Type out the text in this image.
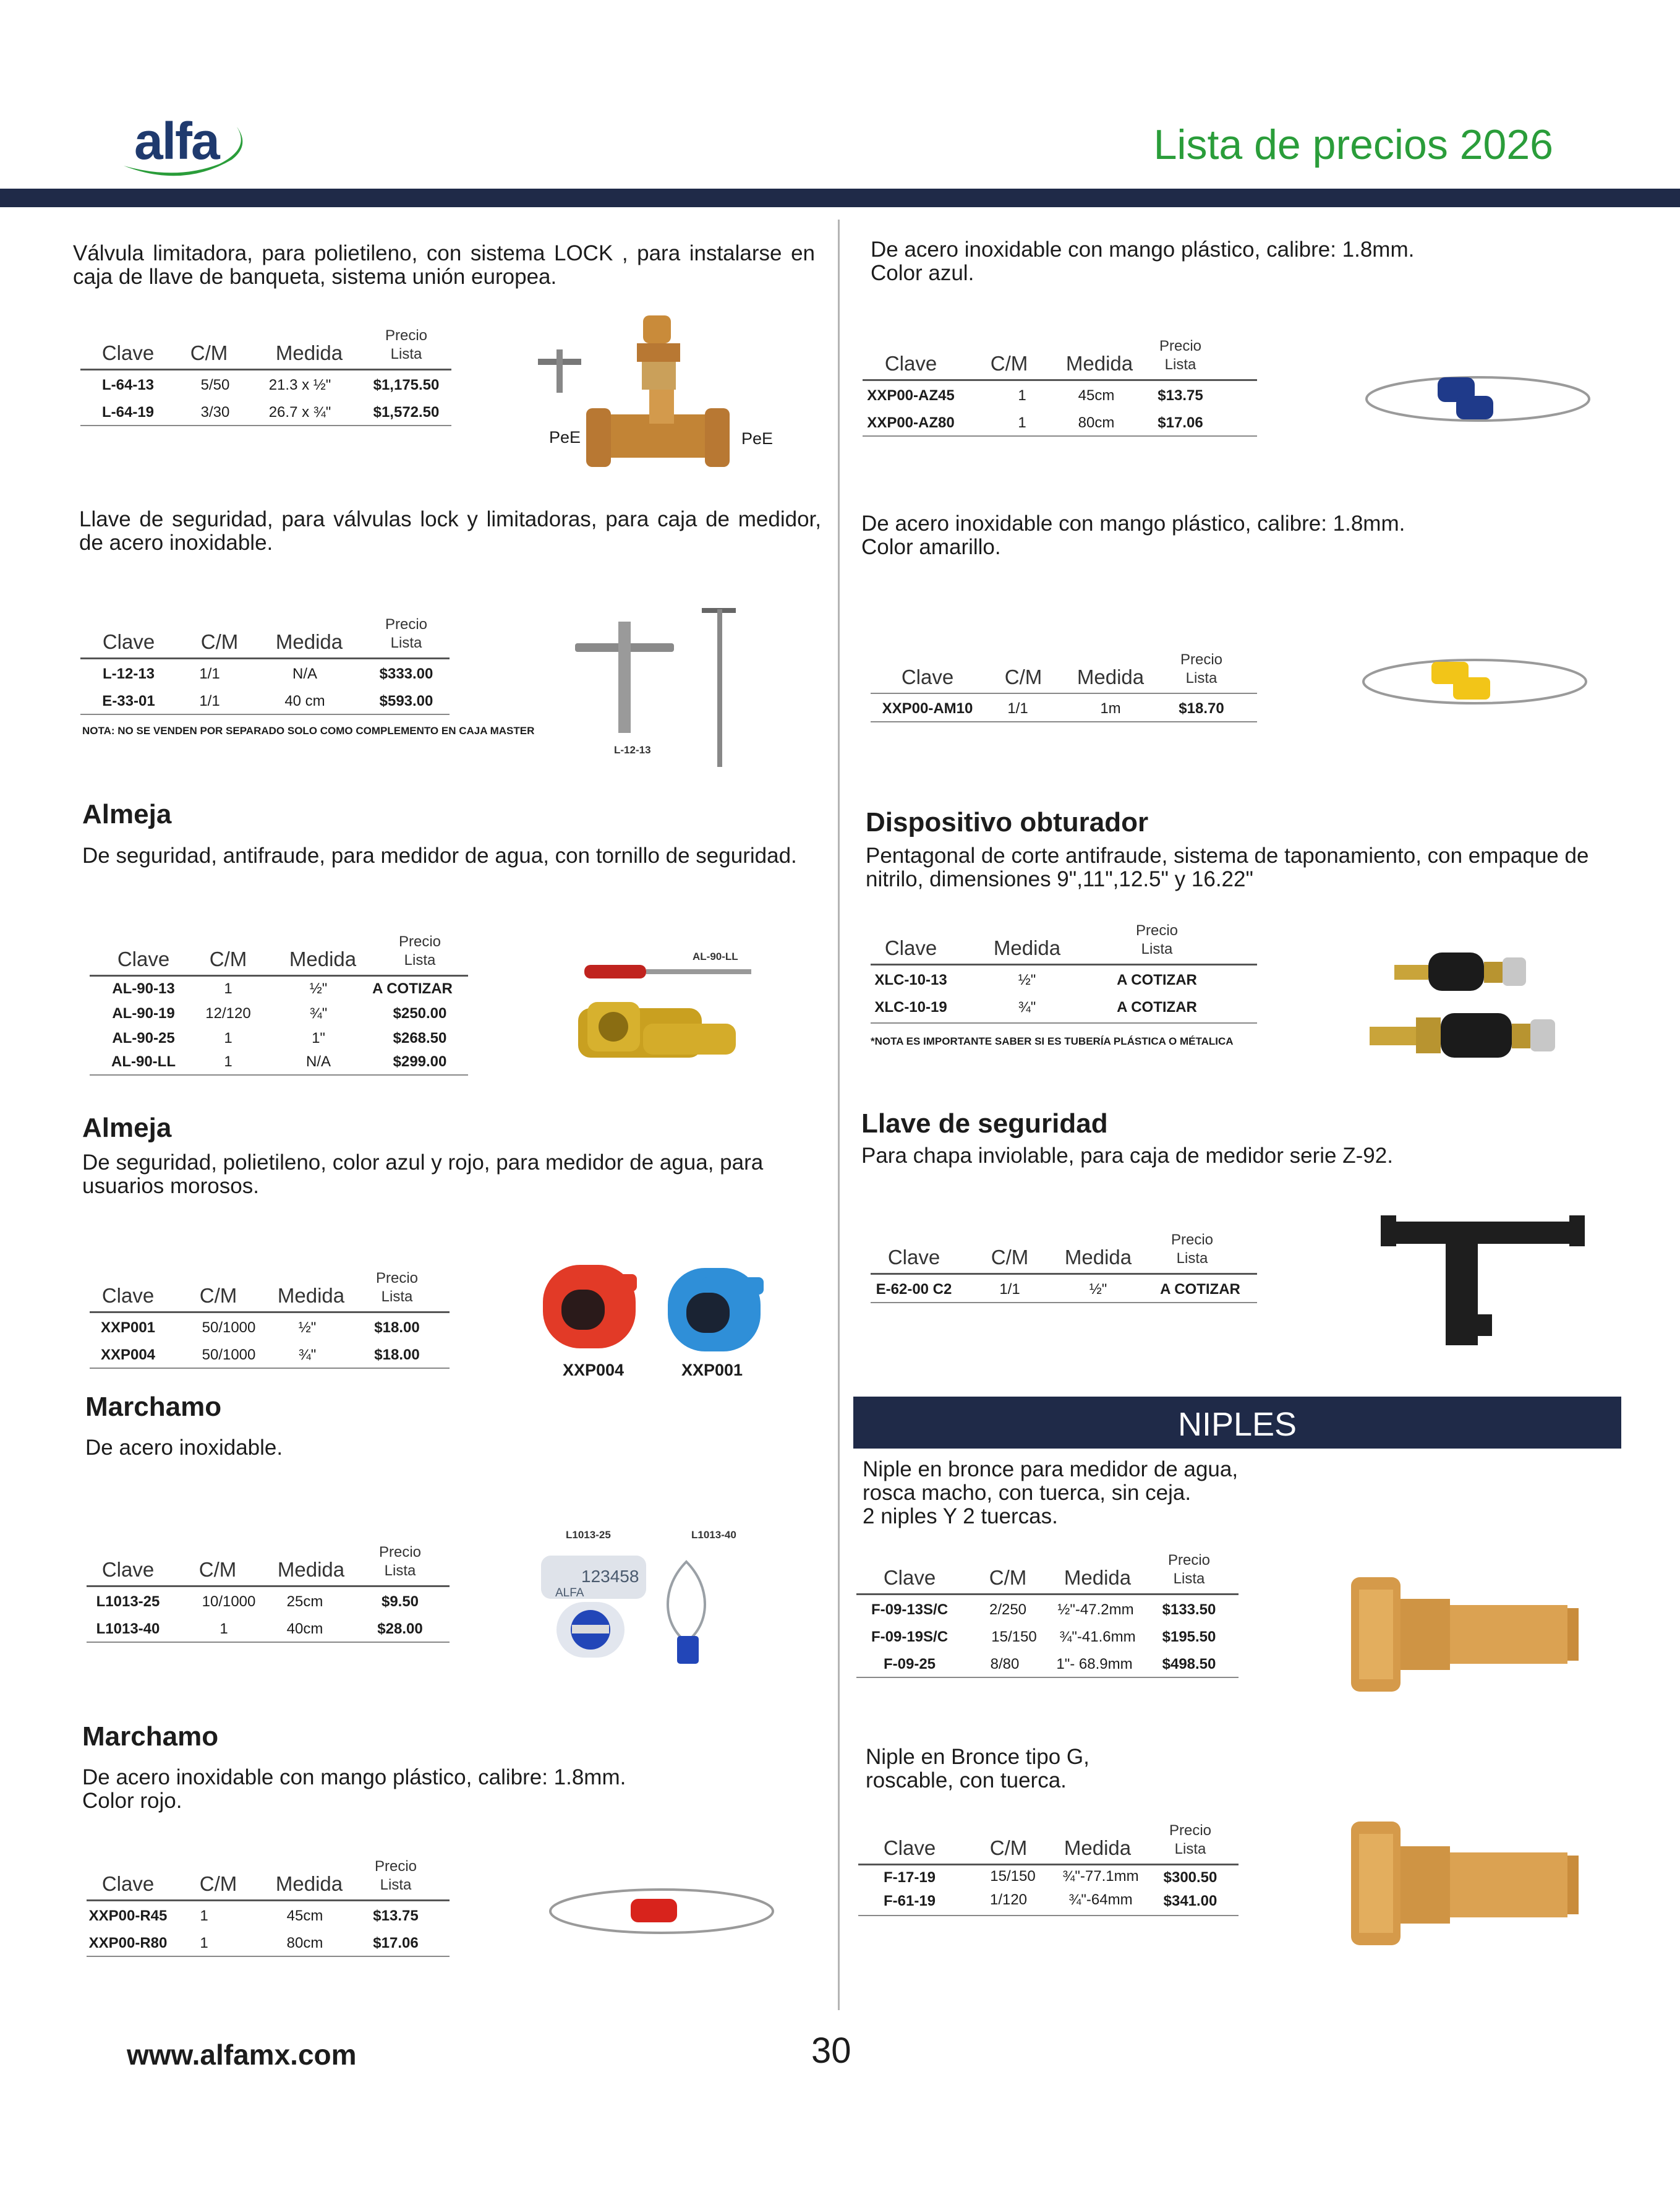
alfa	Lista de precios 2026
Válvula limitadora, para polietileno, con sistema LOCK , para instalarse en caja de llave de banqueta, sistema unión europea.
Clave C/M Medida
Precio
Lista
L-64-13	5/50	21.3 x ½"	$1,175.50
L-64-19	3/30	26.7 x ¾"	$1,572.50
PeE	PeE
Llave de seguridad, para válvulas lock y limitadoras, para caja de medidor, de acero inoxidable.
Clave C/M Medida
Precio
Lista
L-12-13	1/1	N/A	$333.00
E-33-01	1/1	40 cm	$593.00
NOTA: NO SE VENDEN POR SEPARADO SOLO COMO COMPLEMENTO EN CAJA MASTER
L-12-13
Almeja
De seguridad, antifraude, para medidor de agua, con tornillo de seguridad.
Clave C/M Medida
Precio
Lista
AL-90-13	1	½"	A COTIZAR
AL-90-19 12/120	¾"	$250.00
AL-90-25	1	1"	$268.50
AL-90-LL	1	N/A	$299.00
AL-90-LL
Almeja
De seguridad, polietileno, color azul y rojo, para medidor de agua, para usuarios morosos.
Clave C/M Medida
Precio
Lista
XXP001	50/1000	½"	$18.00
XXP004	50/1000	¾"	$18.00
XXP004	XXP001
Marchamo
De acero inoxidable.
Clave C/M Medida
Precio
Lista
L1013-25	10/1000 25cm	$9.50
L1013-40	1	40cm	$28.00
L1013-25	L1013-40
123458
ALFA
Marchamo
De acero inoxidable con mango plástico, calibre: 1.8mm.
Color rojo.
Clave C/M Medida
Precio
Lista
XXP00-R45 1	45cm	$13.75
XXP00-R80 1	80cm	$17.06
De acero inoxidable con mango plástico, calibre: 1.8mm.
Color azul.
Clave	C/M Medida
Precio
Lista
XXP00-AZ45	1	45cm	$13.75
XXP00-AZ80	1	80cm	$17.06
De acero inoxidable con mango plástico, calibre: 1.8mm.
Color amarillo.
Clave	C/M Medida
Precio
Lista
XXP00-AM10 1/1	1m	$18.70
Dispositivo obturador
Pentagonal de corte antifraude, sistema de taponamiento, con empaque de nitrilo, dimensiones 9",11",12.5" y 16.22"
Clave	Medida
Precio
Lista
XLC-10-13	½"	A COTIZAR
XLC-10-19	¾"	A COTIZAR
*NOTA ES IMPORTANTE SABER SI ES TUBERÍA PLÁSTICA O MÉTALICA
Llave de seguridad
Para chapa inviolable, para caja de medidor serie Z-92.
Clave	C/M Medida
Precio
Lista
E-62-00 C2	1/1	½"	A COTIZAR
NIPLES
Niple en bronce para medidor de agua,
rosca macho, con tuerca, sin ceja.
2 niples Y 2 tuercas.
Clave	C/M Medida
Precio
Lista
F-09-13S/C	2/250 ½"-47.2mm $133.50
F-09-19S/C	15/150 ¾"-41.6mm $195.50
F-09-25	8/80	1"- 68.9mm $498.50
Niple en Bronce tipo G,
roscable, con tuerca.
Clave	C/M Medida
Precio
Lista
F-17-19	15/150 ¾"-77.1mm $300.50
F-61-19	1/120	¾"-64mm $341.00
www.alfamx.com	30
